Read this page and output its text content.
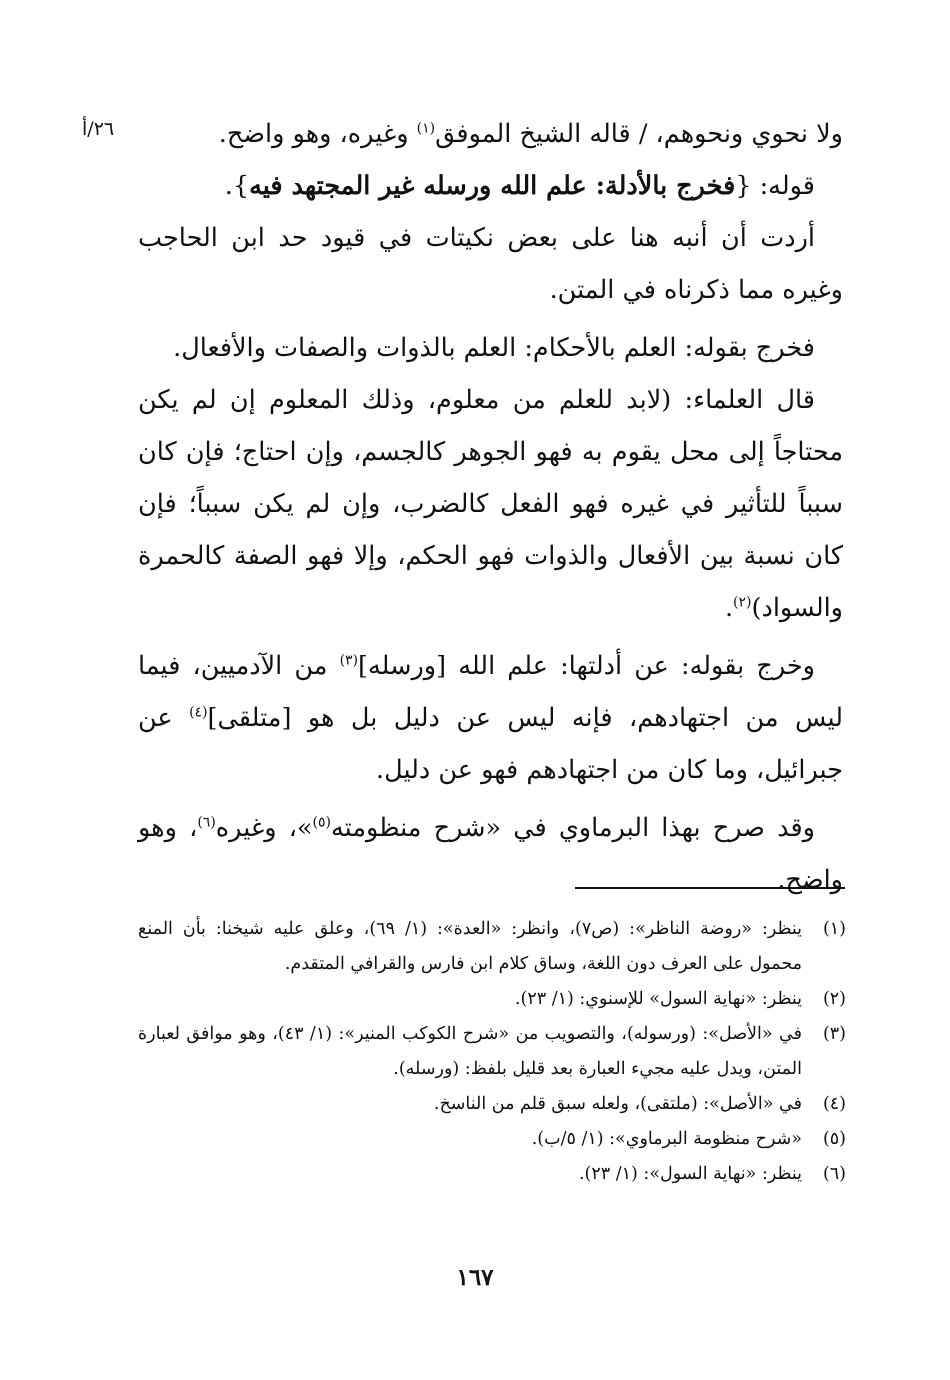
٢٦/أ	ولا نحوي ونحوهم، / قاله الشيخ الموفق$^{(١)}$ وغيره، وهو واضح.

قوله: {فخرج بالأدلة: علم الله ورسله غير المجتهد فيه}.

أردت أن أنبه هنا على بعض نكيتات في قيود حد ابن الحاجب وغيره مما ذكرناه في المتن.

فخرج بقوله: العلم بالأحكام: العلم بالذوات والصفات والأفعال.

قال العلماء: (لابد للعلم من معلوم، وذلك المعلوم إن لم يكن محتاجاً إلى محل يقوم به فهو الجوهر كالجسم، وإن احتاج؛ فإن كان سبباً للتأثير في غيره فهو الفعل كالضرب، وإن لم يكن سبباً؛ فإن كان نسبة بين الأفعال والذوات فهو الحكم، وإلا فهو الصفة كالحمرة والسواد)$^{(٢)}$.

وخرج بقوله: عن أدلتها: علم الله [ورسله]$^{(٣)}$ من الآدميين، فيما ليس من اجتهادهم، فإنه ليس عن دليل بل هو [متلقى]$^{(٤)}$ عن جبرائيل، وما كان من اجتهادهم فهو عن دليل.

وقد صرح بهذا البرماوي في «شرح منظومته$^{(٥)}$»، وغيره$^{(٦)}$، وهو واضح.

(١)
ينظر: «روضة الناظر»: (ص٧)، وانظر: «العدة»: (١/ ٦٩)، وعلق عليه شيخنا: بأن المنع محمول على العرف دون اللغة، وساق كلام ابن فارس والقرافي المتقدم.
(٢)
ينظر: «نهاية السول» للإسنوي: (١/ ٢٣).
(٣)
في «الأصل»: (ورسوله)، والتصويب من «شرح الكوكب المنير»: (١/ ٤٣)، وهو موافق لعبارة المتن، ويدل عليه مجيء العبارة بعد قليل بلفظ: (ورسله).
(٤)
في «الأصل»: (ملتقى)، ولعله سبق قلم من الناسخ.
(٥)
«شرح منظومة البرماوي»: (١/ ٥/ب).
(٦)
ينظر: «نهاية السول»: (١/ ٢٣).
١٦٧
